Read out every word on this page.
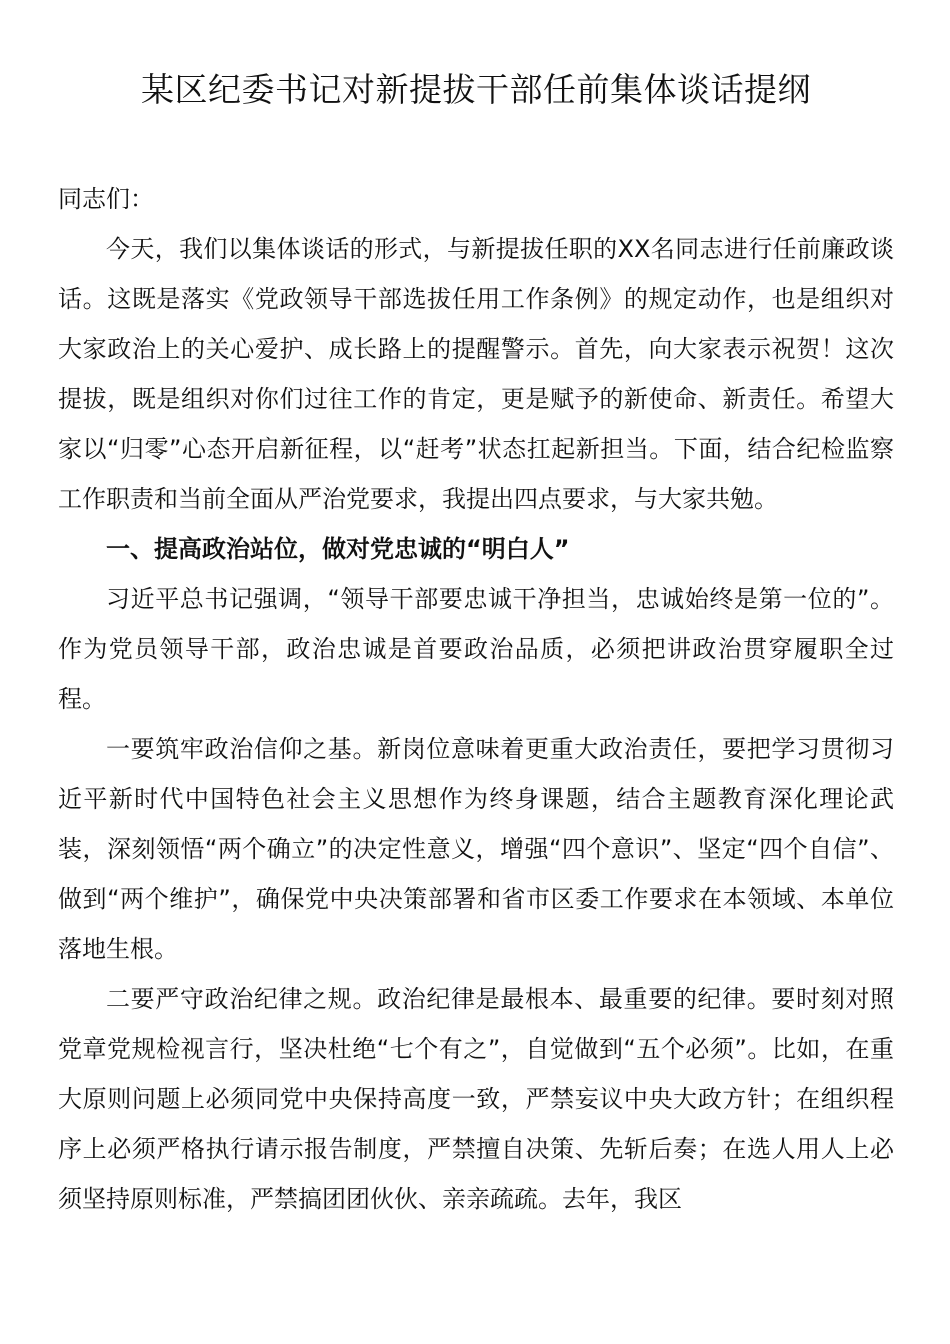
某区纪委书记对新提拔干部任前集体谈话提纲

同志们：

今天，我们以集体谈话的形式，与新提拔任职的XX名同志进行任前廉政谈话。这既是落实《党政领导干部选拔任用工作条例》的规定动作，也是组织对大家政治上的关心爱护、成长路上的提醒警示。首先，向大家表示祝贺！这次提拔，既是组织对你们过往工作的肯定，更是赋予的新使命、新责任。希望大家以“归零”心态开启新征程，以“赶考”状态扛起新担当。下面，结合纪检监察工作职责和当前全面从严治党要求，我提出四点要求，与大家共勉。

一、提高政治站位，做对党忠诚的“明白人”

习近平总书记强调，“领导干部要忠诚干净担当，忠诚始终是第一位的”。作为党员领导干部，政治忠诚是首要政治品质，必须把讲政治贯穿履职全过程。

一要筑牢政治信仰之基。新岗位意味着更重大政治责任，要把学习贯彻习近平新时代中国特色社会主义思想作为终身课题，结合主题教育深化理论武装，深刻领悟“两个确立”的决定性意义，增强“四个意识”、坚定“四个自信”、做到“两个维护”，确保党中央决策部署和省市区委工作要求在本领域、本单位落地生根。

二要严守政治纪律之规。政治纪律是最根本、最重要的纪律。要时刻对照党章党规检视言行，坚决杜绝“七个有之”，自觉做到“五个必须”。比如，在重大原则问题上必须同党中央保持高度一致，严禁妄议中央大政方针；在组织程序上必须严格执行请示报告制度，严禁擅自决策、先斩后奏；在选人用人上必须坚持原则标准，严禁搞团团伙伙、亲亲疏疏。去年，我区
